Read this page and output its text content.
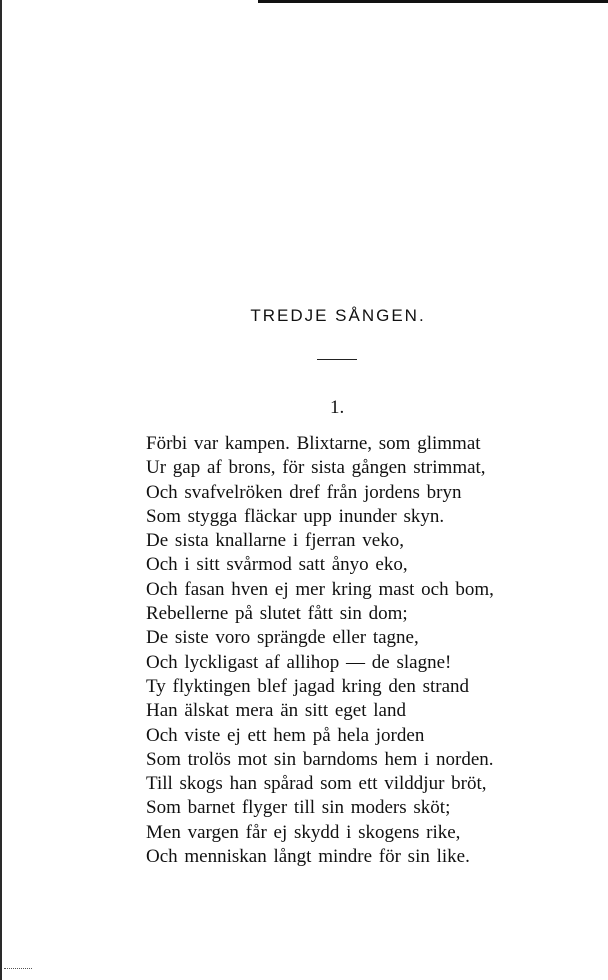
TREDJE SÅNGEN.
1.
Förbi var kampen. Blixtarne, som glimmat
Ur gap af brons, för sista gången strimmat,
Och svafvelröken dref från jordens bryn
Som stygga fläckar upp inunder skyn.
De sista knallarne i fjerran veko,
Och i sitt svårmod satt ånyo eko,
Och fasan hven ej mer kring mast och bom,
Rebellerne på slutet fått sin dom;
De siste voro sprängde eller tagne,
Och lyckligast af allihop — de slagne!
Ty flyktingen blef jagad kring den strand
Han älskat mera än sitt eget land
Och viste ej ett hem på hela jorden
Som trolös mot sin barndoms hem i norden.
Till skogs han spårad som ett vilddjur bröt,
Som barnet flyger till sin moders sköt;
Men vargen får ej skydd i skogens rike,
Och menniskan långt mindre för sin like.
